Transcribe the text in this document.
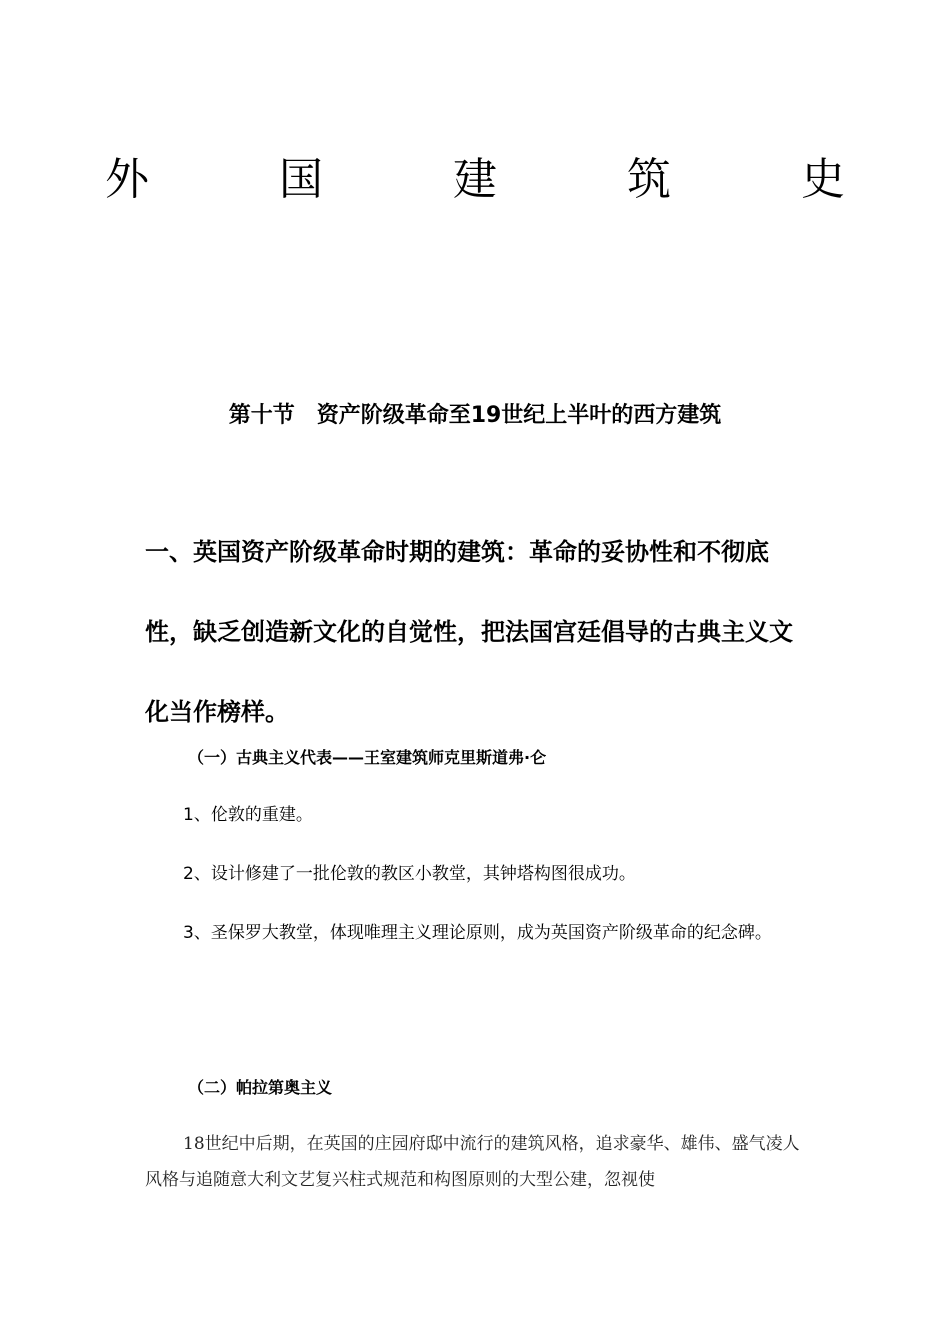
外 国 建 筑 史
第十节　资产阶级革命至19世纪上半叶的西方建筑

一、英国资产阶级革命时期的建筑：革命的妥协性和不彻底性，缺乏创造新文化的自觉性，把法国宫廷倡导的古典主义文化当作榜样。

（一）古典主义代表——王室建筑师克里斯道弗·仑

1、伦敦的重建。

2、设计修建了一批伦敦的教区小教堂，其钟塔构图很成功。

3、圣保罗大教堂，体现唯理主义理论原则，成为英国资产阶级革命的纪念碑。

（二）帕拉第奥主义

18世纪中后期，在英国的庄园府邸中流行的建筑风格，追求豪华、雄伟、盛气凌人风格与追随意大利文艺复兴柱式规范和构图原则的大型公建，忽视使
